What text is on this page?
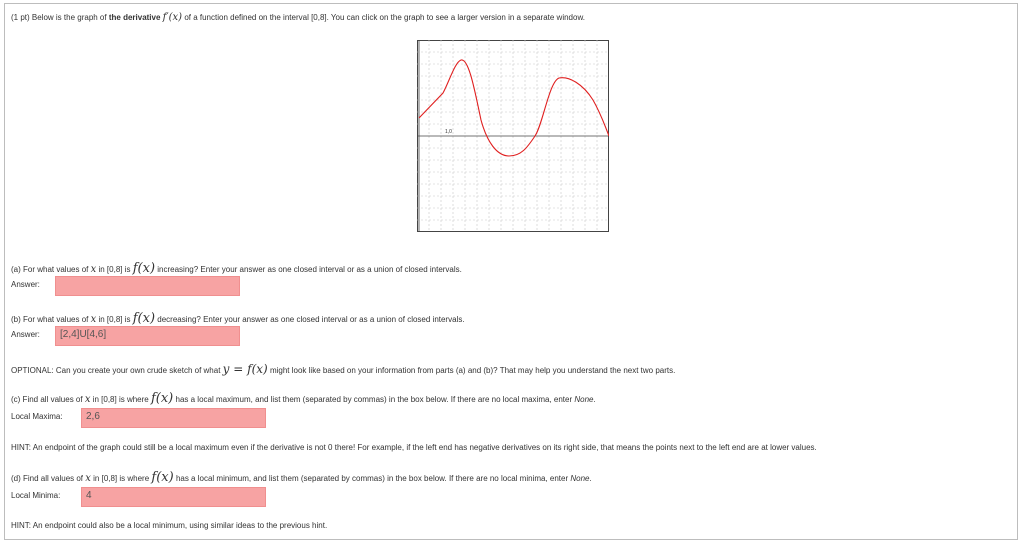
(1 pt) Below is the graph of the derivative f′(x) of a function defined on the interval [0,8]. You can click on the graph to see a larger version in a separate window.
1,0
(a) For what values of x in [0,8] is f(x) increasing? Enter your answer as one closed interval or as a union of closed intervals.
Answer:
(b) For what values of x in [0,8] is f(x) decreasing? Enter your answer as one closed interval or as a union of closed intervals.
Answer:	[2,4]U[4,6]
OPTIONAL: Can you create your own crude sketch of what y = f(x) might look like based on your information from parts (a) and (b)? That may help you understand the next two parts.
(c) Find all values of x in [0,8] is where f(x) has a local maximum, and list them (separated by commas) in the box below. If there are no local maxima, enter None.
Local Maxima:	2,6
HINT: An endpoint of the graph could still be a local maximum even if the derivative is not 0 there! For example, if the left end has negative derivatives on its right side, that means the points next to the left end are at lower values.
(d) Find all values of x in [0,8] is where f(x) has a local minimum, and list them (separated by commas) in the box below. If there are no local minima, enter None.
Local Minima:	4
HINT: An endpoint could also be a local minimum, using similar ideas to the previous hint.
